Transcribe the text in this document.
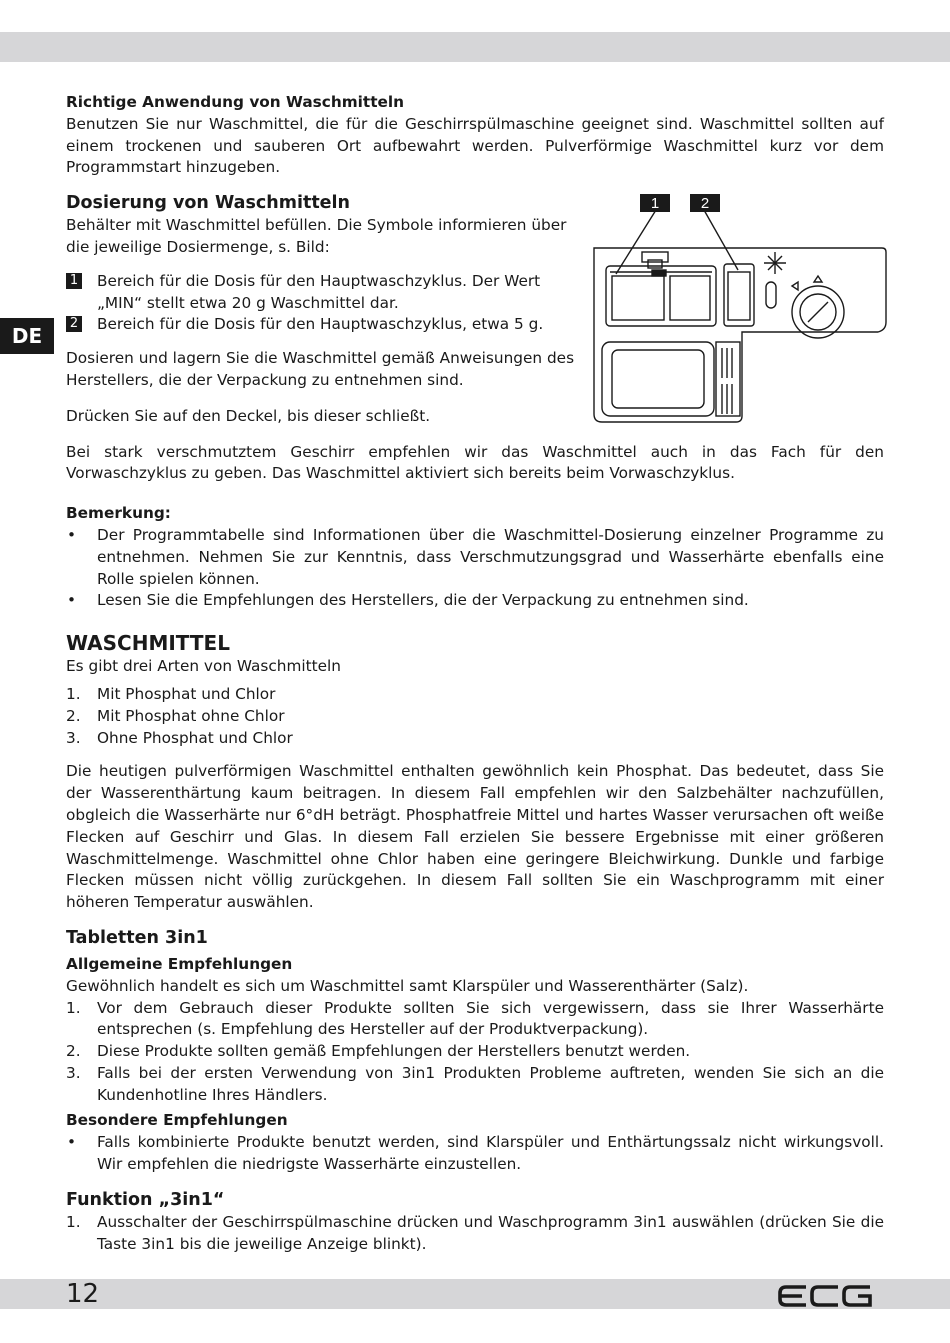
DE

Richtige Anwendung von Waschmitteln

Benutzen Sie nur Waschmittel, die für die Geschirrspülmaschine geeignet sind. Waschmittel sollten auf einem trockenen und sauberen Ort aufbewahrt werden. Pulverförmige Waschmittel kurz vor dem Programmstart hinzugeben.

Dosierung von Waschmitteln

Behälter mit Waschmittel befüllen. Die Symbole informieren über die jeweilige Dosiermenge, s. Bild:

1 Bereich für die Dosis für den Hauptwaschzyklus. Der Wert „MIN“ stellt etwa 20 g Waschmittel dar.
2 Bereich für die Dosis für den Hauptwaschzyklus, etwa 5 g.

Dosieren und lagern Sie die Waschmittel gemäß Anweisungen des Herstellers, die der Verpackung zu entnehmen sind.

Drücken Sie auf den Deckel, bis dieser schließt.

Bei stark verschmutztem Geschirr empfehlen wir das Waschmittel auch in das Fach für den Vorwaschzyklus zu geben. Das Waschmittel aktiviert sich bereits beim Vorwaschzyklus.

Bemerkung:

• Der Programmtabelle sind Informationen über die Waschmittel-Dosierung einzelner Programme zu entnehmen. Nehmen Sie zur Kenntnis, dass Verschmutzungsgrad und Wasserhärte ebenfalls eine Rolle spielen können.
• Lesen Sie die Empfehlungen des Herstellers, die der Verpackung zu entnehmen sind.

WASCHMITTEL

Es gibt drei Arten von Waschmitteln

1. Mit Phosphat und Chlor
2. Mit Phosphat ohne Chlor
3. Ohne Phosphat und Chlor

Die heutigen pulverförmigen Waschmittel enthalten gewöhnlich kein Phosphat. Das bedeutet, dass Sie der Wasserenthärtung kaum beitragen. In diesem Fall empfehlen wir den Salzbehälter nachzufüllen, obgleich die Wasserhärte nur 6°dH beträgt. Phosphatfreie Mittel und hartes Wasser verursachen oft weiße Flecken auf Geschirr und Glas. In diesem Fall erzielen Sie bessere Ergebnisse mit einer größeren Waschmittelmenge. Waschmittel ohne Chlor haben eine geringere Bleichwirkung. Dunkle und farbige Flecken müssen nicht völlig zurückgehen. In diesem Fall sollten Sie ein Waschprogramm mit einer höheren Temperatur auswählen.

Tabletten 3in1

Allgemeine Empfehlungen

Gewöhnlich handelt es sich um Waschmittel samt Klarspüler und Wasserenthärter (Salz).

1. Vor dem Gebrauch dieser Produkte sollten Sie sich vergewissern, dass sie Ihrer Wasserhärte entsprechen (s. Empfehlung des Hersteller auf der Produktverpackung).
2. Diese Produkte sollten gemäß Empfehlungen der Herstellers benutzt werden.
3. Falls bei der ersten Verwendung von 3in1 Produkten Probleme auftreten, wenden Sie sich an die Kundenhotline Ihres Händlers.

Besondere Empfehlungen

• Falls kombinierte Produkte benutzt werden, sind Klarspüler und Enthärtungssalz nicht wirkungsvoll. Wir empfehlen die niedrigste Wasserhärte einzustellen.

Funktion „3in1“

1. Ausschalter der Geschirrspülmaschine drücken und Waschprogramm 3in1 auswählen (drücken Sie die Taste 3in1 bis die jeweilige Anzeige blinkt).
1	2
12
